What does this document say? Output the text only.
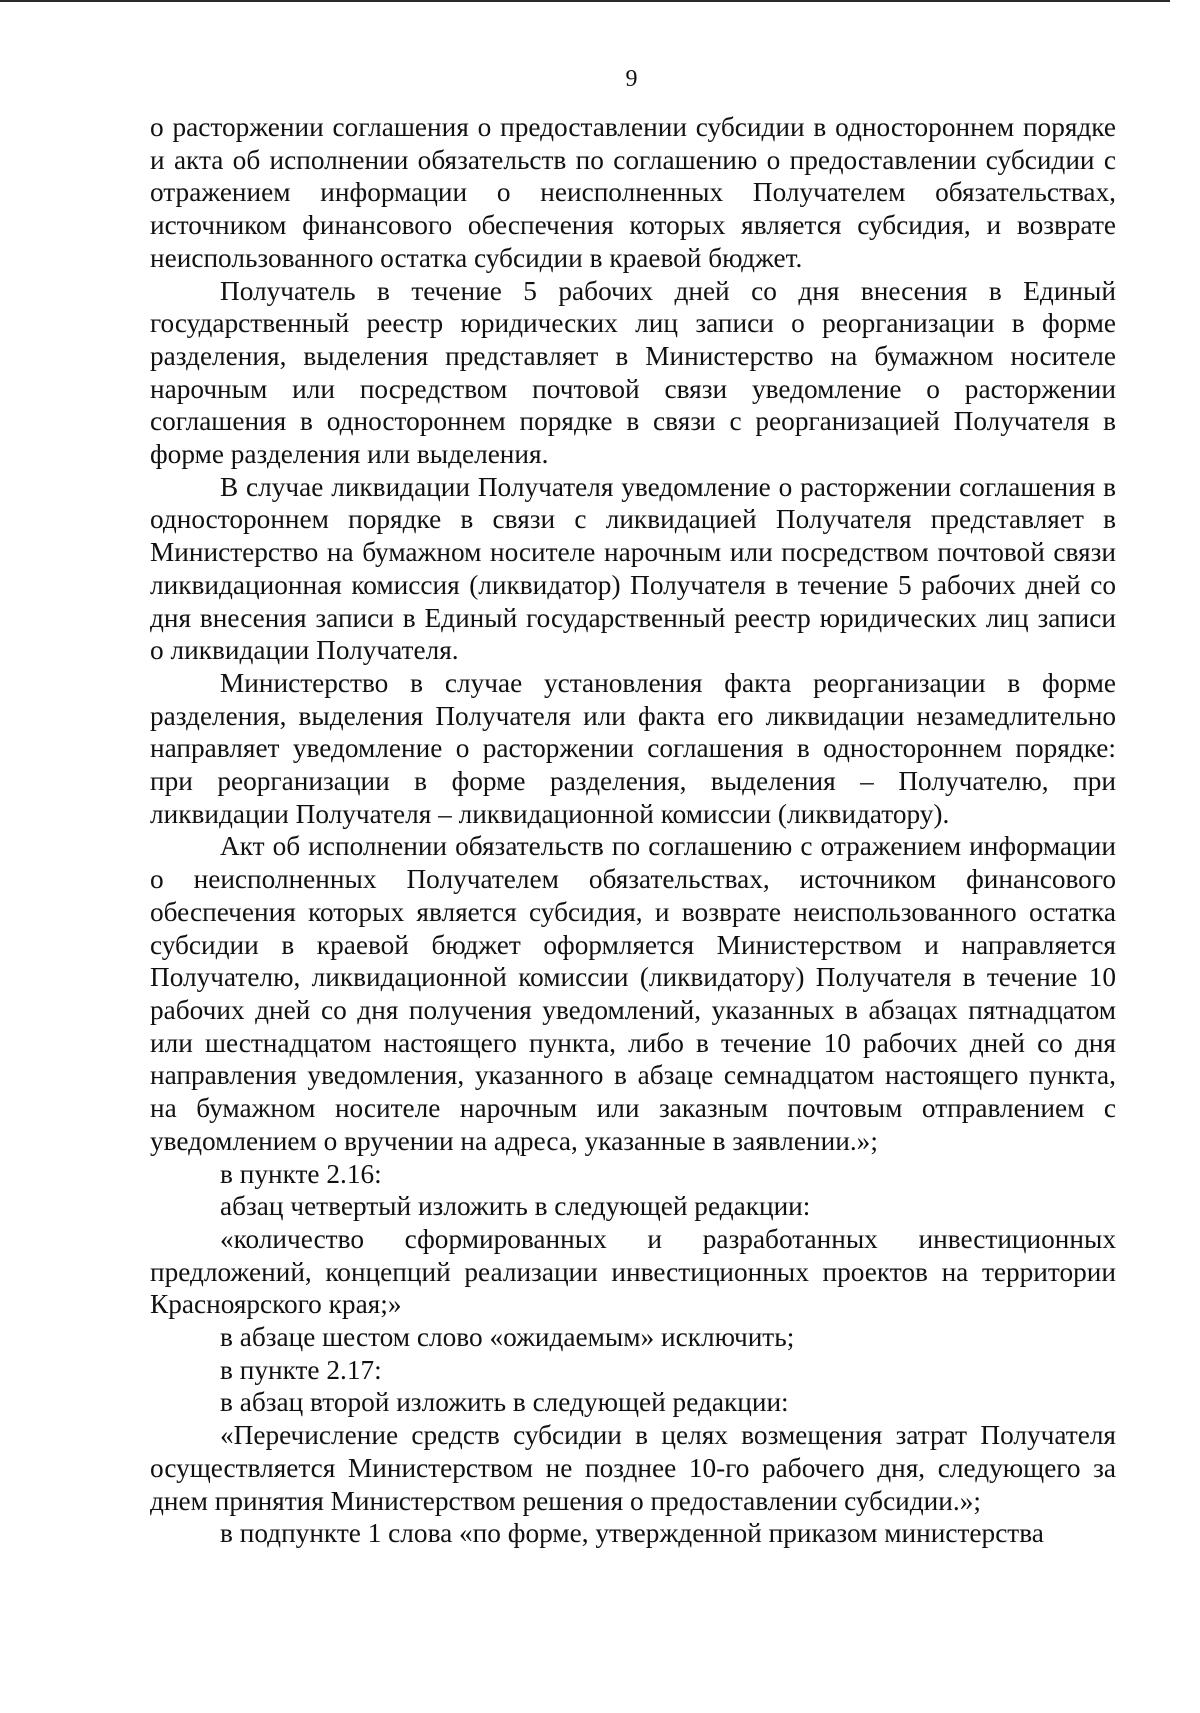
9

о расторжении соглашения о предоставлении субсидии в одностороннем порядке и акта об исполнении обязательств по соглашению о предоставлении субсидии с отражением информации о неисполненных Получателем обязательствах, источником финансового обеспечения которых является субсидия, и возврате неиспользованного остатка субсидии в краевой бюджет.

Получатель в течение 5 рабочих дней со дня внесения в Единый государственный реестр юридических лиц записи о реорганизации в форме разделения, выделения представляет в Министерство на бумажном носителе нарочным или посредством почтовой связи уведомление о расторжении соглашения в одностороннем порядке в связи с реорганизацией Получателя в форме разделения или выделения.

В случае ликвидации Получателя уведомление о расторжении соглашения в одностороннем порядке в связи с ликвидацией Получателя представляет в Министерство на бумажном носителе нарочным или посредством почтовой связи ликвидационная комиссия (ликвидатор) Получателя в течение 5 рабочих дней со дня внесения записи в Единый государственный реестр юридических лиц записи о ликвидации Получателя.

Министерство в случае установления факта реорганизации в форме разделения, выделения Получателя или факта его ликвидации незамедлительно направляет уведомление о расторжении соглашения в одностороннем порядке: при реорганизации в форме разделения, выделения – Получателю, при ликвидации Получателя – ликвидационной комиссии (ликвидатору).

Акт об исполнении обязательств по соглашению с отражением информации о неисполненных Получателем обязательствах, источником финансового обеспечения которых является субсидия, и возврате неиспользованного остатка субсидии в краевой бюджет оформляется Министерством и направляется Получателю, ликвидационной комиссии (ликвидатору) Получателя в течение 10 рабочих дней со дня получения уведомлений, указанных в абзацах пятнадцатом или шестнадцатом настоящего пункта, либо в течение 10 рабочих дней со дня направления уведомления, указанного в абзаце семнадцатом настоящего пункта, на бумажном носителе нарочным или заказным почтовым отправлением с уведомлением о вручении на адреса, указанные в заявлении.»;

в пункте 2.16:

абзац четвертый изложить в следующей редакции:

«количество сформированных и разработанных инвестиционных предложений, концепций реализации инвестиционных проектов на территории Красноярского края;»

в абзаце шестом слово «ожидаемым» исключить;

в пункте 2.17:

в абзац второй изложить в следующей редакции:

«Перечисление средств субсидии в целях возмещения затрат Получателя осуществляется Министерством не позднее 10-го рабочего дня, следующего за днем принятия Министерством решения о предоставлении субсидии.»;

в подпункте 1 слова «по форме, утвержденной приказом министерства
